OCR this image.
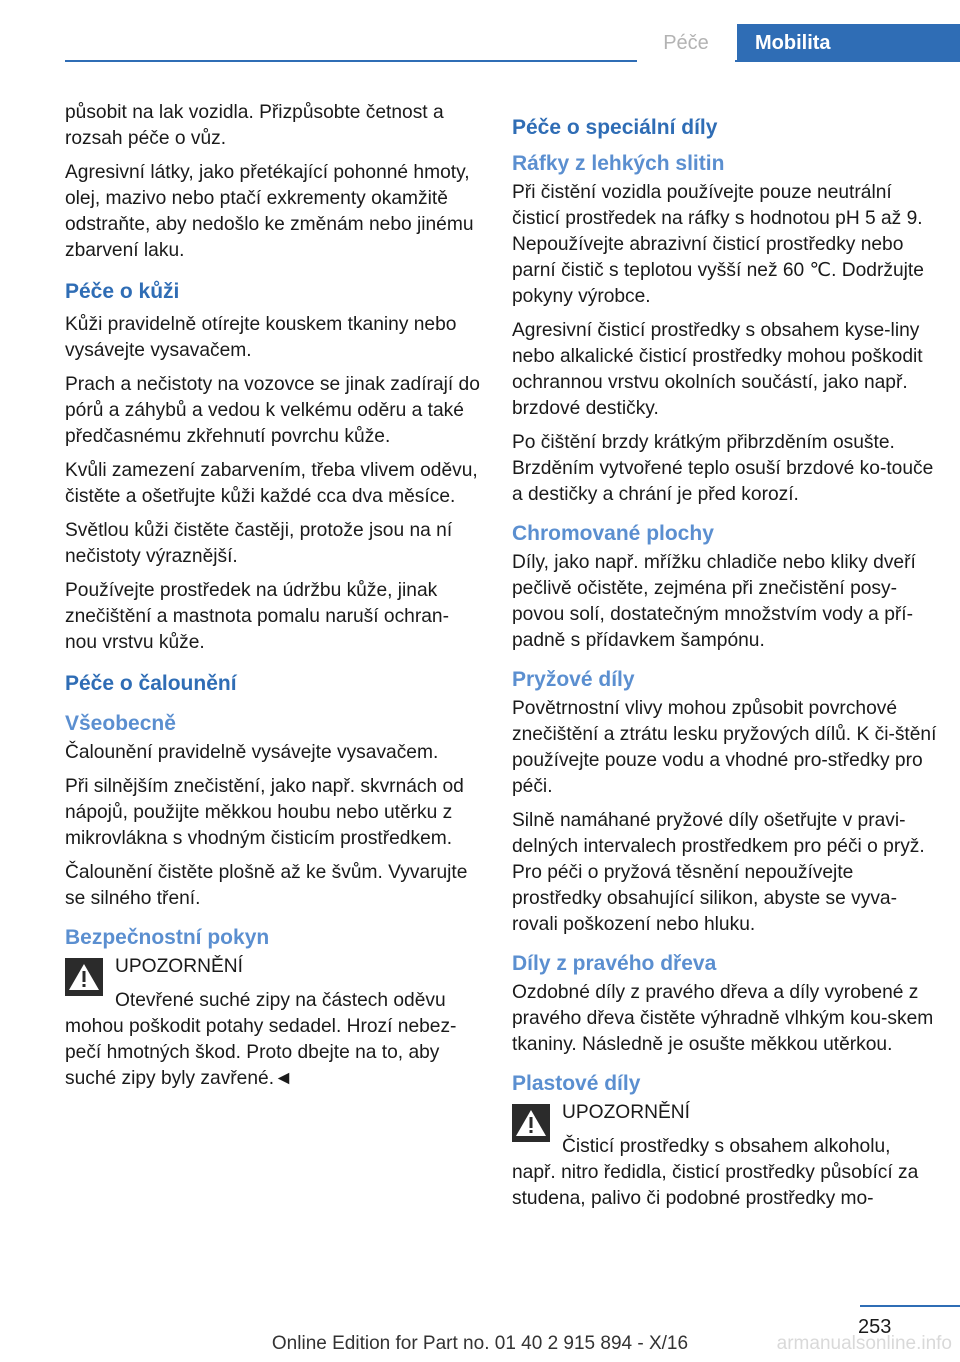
Péče	Mobilita

působit na lak vozidla. Přizpůsobte četnost a rozsah péče o vůz.

Agresivní látky, jako přetékající pohonné hmoty, olej, mazivo nebo ptačí exkrementy okamžitě odstraňte, aby nedošlo ke změnám nebo jinému zbarvení laku.

Péče o kůži

Kůži pravidelně otírejte kouskem tkaniny nebo vysávejte vysavačem.

Prach a nečistoty na vozovce se jinak zadírají do pórů a záhybů a vedou k velkému oděru a také předčasnému zkřehnutí povrchu kůže.

Kvůli zamezení zabarvením, třeba vlivem oděvu, čistěte a ošetřujte kůži každé cca dva měsíce.

Světlou kůži čistěte častěji, protože jsou na ní nečistoty výraznější.

Používejte prostředek na údržbu kůže, jinak znečištění a mastnota pomalu naruší ochran-nou vrstvu kůže.

Péče o čalounění
Všeobecně

Čalounění pravidelně vysávejte vysavačem.

Při silnějším znečistění, jako např. skvrnách od nápojů, použijte měkkou houbu nebo utěrku z mikrovlákna s vhodným čisticím prostředkem.

Čalounění čistěte plošně až ke švům. Vyvarujte se silného tření.

Bezpečnostní pokyn

UPOZORNĚNÍ

Otevřené suché zipy na částech oděvu mohou poškodit potahy sedadel. Hrozí nebez-pečí hmotných škod. Proto dbejte na to, aby suché zipy byly zavřené.◄

Péče o speciální díly
Ráfky z lehkých slitin

Při čistění vozidla používejte pouze neutrální čisticí prostředek na ráfky s hodnotou pH 5 až 9. Nepoužívejte abrazivní čisticí prostředky nebo parní čistič s teplotou vyšší než 60 ℃. Dodržujte pokyny výrobce.

Agresivní čisticí prostředky s obsahem kyse-liny nebo alkalické čisticí prostředky mohou poškodit ochrannou vrstvu okolních součástí, jako např. brzdové destičky.

Po čištění brzdy krátkým přibrzděním osušte. Brzděním vytvořené teplo osuší brzdové ko-touče a destičky a chrání je před korozí.

Chromované plochy

Díly, jako např. mřížku chladiče nebo kliky dveří pečlivě očistěte, zejména při znečistění posy-povou solí, dostatečným množstvím vody a pří-padně s přídavkem šampónu.

Pryžové díly

Povětrnostní vlivy mohou způsobit povrchové znečištění a ztrátu lesku pryžových dílů. K či-štění používejte pouze vodu a vhodné pro-středky pro péči.

Silně namáhané pryžové díly ošetřujte v pravi-delných intervalech prostředkem pro péči o pryž. Pro péči o pryžová těsnění nepoužívejte prostředky obsahující silikon, abyste se vyva-rovali poškození nebo hluku.

Díly z pravého dřeva

Ozdobné díly z pravého dřeva a díly vyrobené z pravého dřeva čistěte výhradně vlhkým kou-skem tkaniny. Následně je osušte měkkou utěrkou.

Plastové díly

UPOZORNĚNÍ

Čisticí prostředky s obsahem alkoholu, např. nitro ředidla, čisticí prostředky působící za studena, palivo či podobné prostředky mo-

253
Online Edition for Part no. 01 40 2 915 894 - X/16	armanualsonline.info
